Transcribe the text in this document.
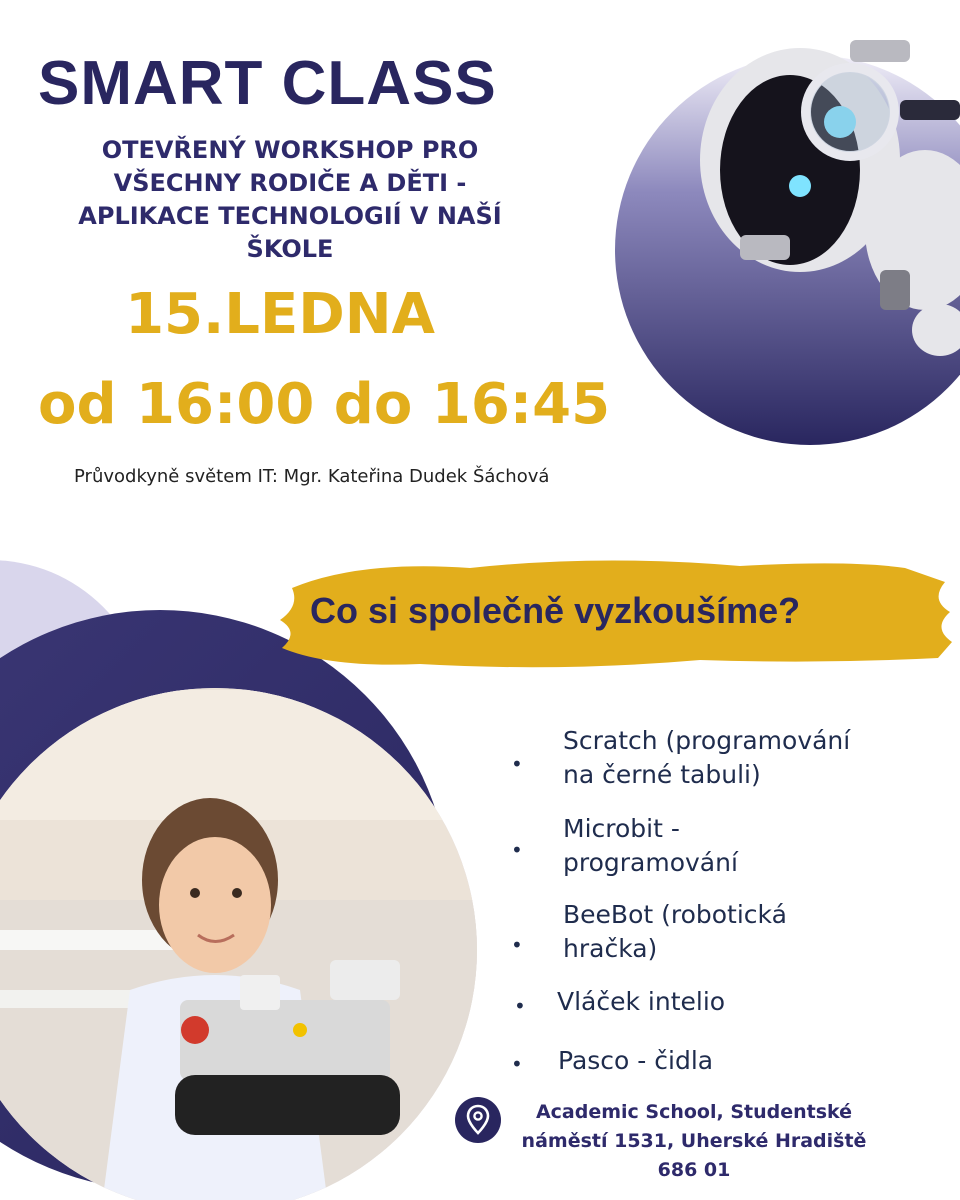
SMART CLASS
OTEVŘENÝ WORKSHOP PRO VŠECHNY RODIČE A DĚTI - APLIKACE TECHNOLOGIÍ V NAŠÍ ŠKOLE
15.LEDNA
od 16:00 do 16:45
Průvodkyně světem IT: Mgr. Kateřina Dudek Šáchová
Co si společně vyzkoušíme?
•
Scratch (programování
na černé tabuli)
•
Microbit -
programování
•
BeeBot (robotická
hračka)
• Vláček intelio
• Pasco - čidla
Academic School, Studentské
náměstí 1531, Uherské Hradiště
686 01
